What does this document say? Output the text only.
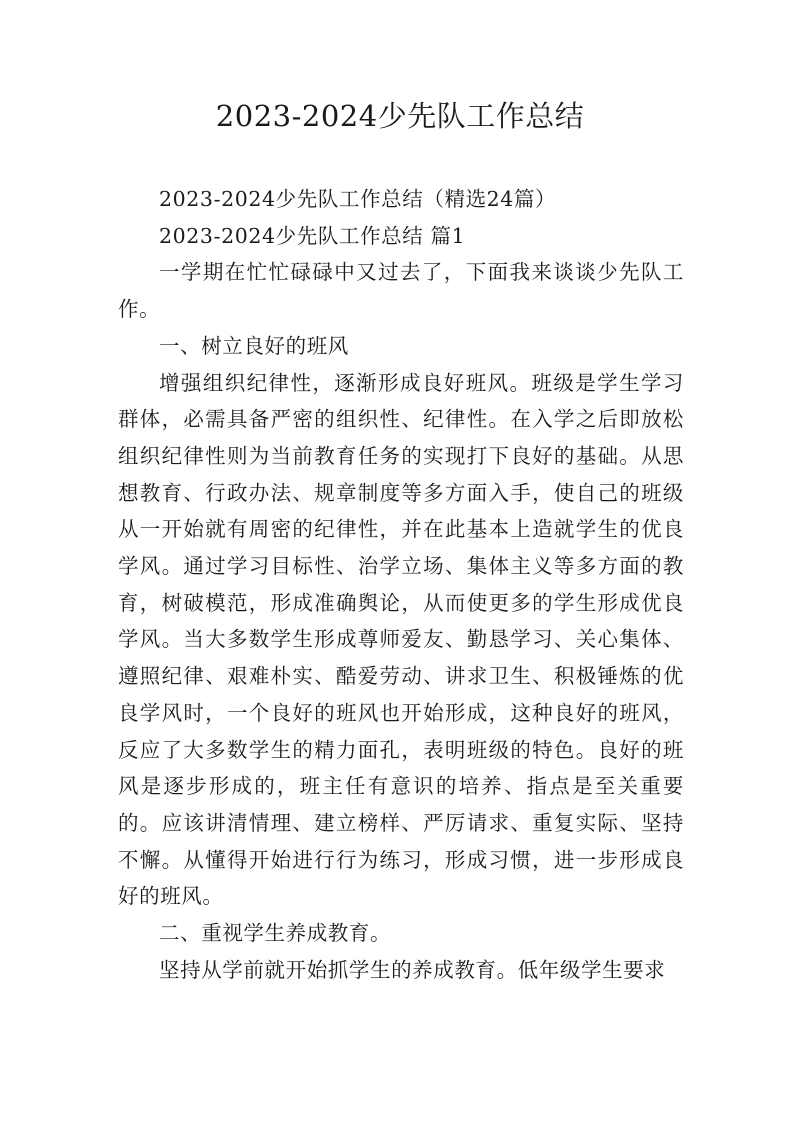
2023-2024少先队工作总结

2023-2024少先队工作总结（精选24篇）

2023-2024少先队工作总结 篇1

一学期在忙忙碌碌中又过去了，下面我来谈谈少先队工作。

一、树立良好的班风

增强组织纪律性，逐渐形成良好班风。班级是学生学习群体，必需具备严密的组织性、纪律性。在入学之后即放松组织纪律性则为当前教育任务的实现打下良好的基础。从思想教育、行政办法、规章制度等多方面入手，使自己的班级从一开始就有周密的纪律性，并在此基本上造就学生的优良学风。通过学习目标性、治学立场、集体主义等多方面的教育，树破模范，形成准确舆论，从而使更多的学生形成优良学风。当大多数学生形成尊师爱友、勤恳学习、关心集体、遵照纪律、艰难朴实、酷爱劳动、讲求卫生、积极锤炼的优良学风时，一个良好的班风也开始形成，这种良好的班风，反应了大多数学生的精力面孔，表明班级的特色。良好的班风是逐步形成的，班主任有意识的培养、指点是至关重要的。应该讲清情理、建立榜样、严厉请求、重复实际、坚持不懈。从懂得开始进行行为练习，形成习惯，进一步形成良好的班风。

二、重视学生养成教育。

坚持从学前就开始抓学生的养成教育。低年级学生要求
